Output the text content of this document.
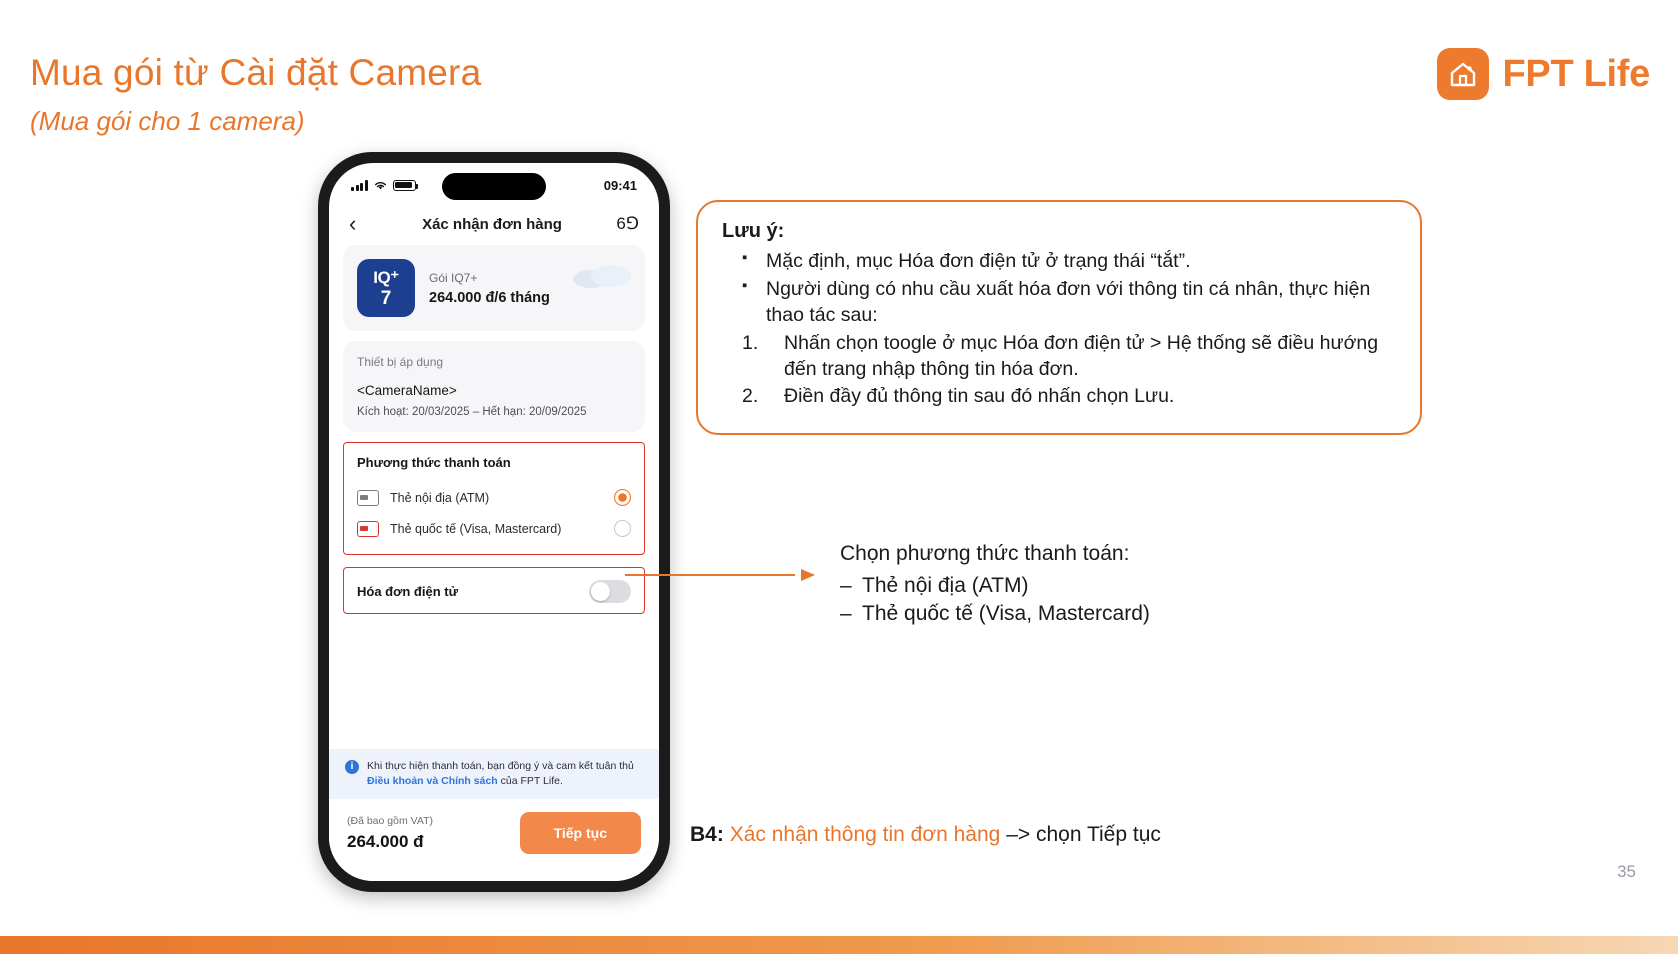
Mua gói từ Cài đặt Camera
(Mua gói cho 1 camera)
FPT Life
09:41
‹	Xác nhận đơn hàng	6ꓨ
IQ⁺
7
Gói IQ7+
264.000 đ/6 tháng
Thiết bị áp dụng
<CameraName>
Kích hoạt: 20/03/2025 – Hết hạn: 20/09/2025
Phương thức thanh toán
Thẻ nội địa (ATM)
Thẻ quốc tế (Visa, Mastercard)
Hóa đơn điện tử
i	Khi thực hiện thanh toán, bạn đồng ý và cam kết tuân thủ Điều khoản và Chính sách của FPT Life.
(Đã bao gồm VAT)
264.000 đ	Tiếp tục
Lưu ý:
▪ Mặc định, mục Hóa đơn điện tử ở trạng thái “tắt”.
▪ Người dùng có nhu cầu xuất hóa đơn với thông tin cá nhân, thực hiện thao tác sau:
1. Nhấn chọn toogle ở mục Hóa đơn điện tử > Hệ thống sẽ điều hướng đến trang nhập thông tin hóa đơn.
2. Điền đầy đủ thông tin sau đó nhấn chọn Lưu.
Chọn phương thức thanh toán:
– Thẻ nội địa (ATM)
– Thẻ quốc tế (Visa, Mastercard)
B4: Xác nhận thông tin đơn hàng –> chọn Tiếp tục
35
